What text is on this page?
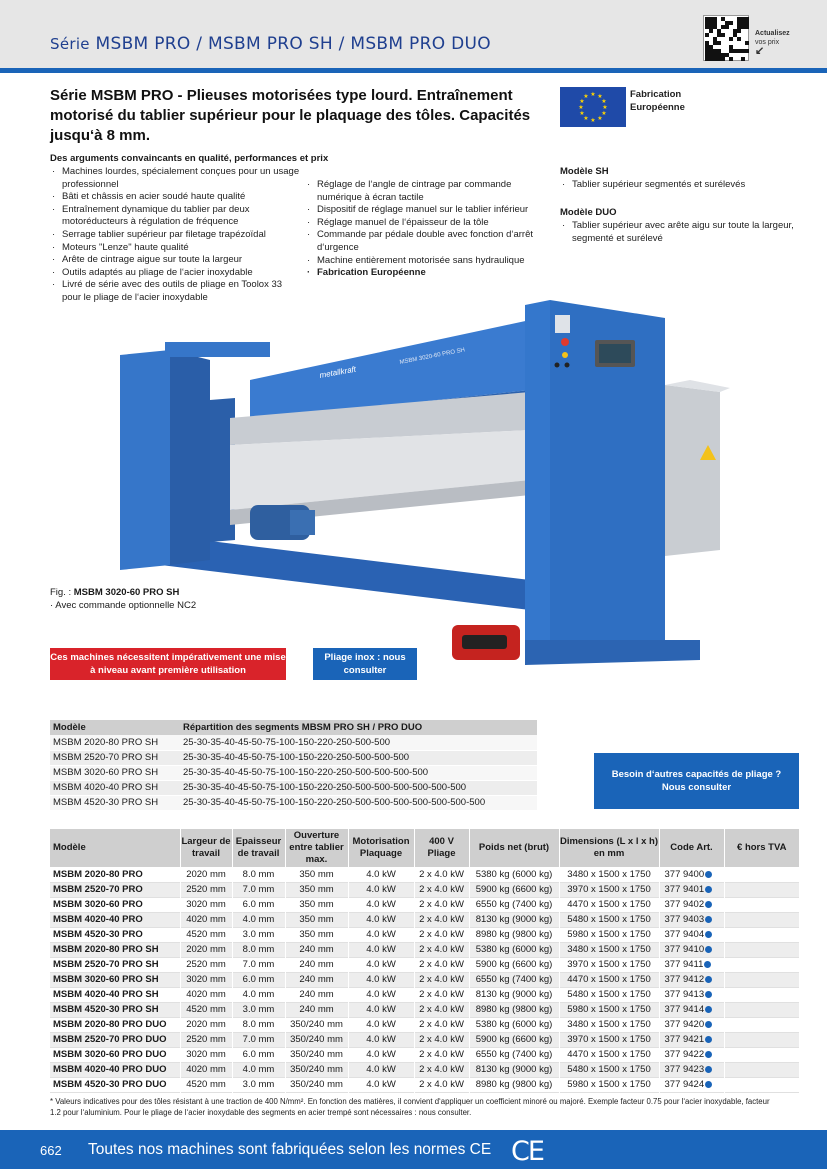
Série MSBM PRO / MSBM PRO SH / MSBM PRO DUO
Actualisez
vos prix
↙
Série MSBM PRO - Plieuses motorisées type lourd. Entraînement motorisé du tablier supérieur pour le plaquage des tôles. Capacités jusqu‘à 8 mm.
★ ★
★
★
★
★
★
★
★
★
★
★	Fabrication
Européenne
Des arguments convaincants en qualité, performances et prix
· Machines lourdes, spécialement conçues pour un usage professionnel
· Bâti et châssis en acier soudé haute qualité
· Entraînement dynamique du tablier par deux motoréducteurs à régulation de fréquence
· Serrage tablier supérieur par filetage trapézoïdal
· Moteurs "Lenze" haute qualité
· Arête de cintrage aigue sur toute la largeur
· Outils adaptés au pliage de l‘acier inoxydable
· Livré de série avec des outils de pliage en Toolox 33 pour le pliage de l‘acier inoxydable
· Réglage de l‘angle de cintrage par commande numérique à écran tactile
· Dispositif de réglage manuel sur le tablier inférieur
· Réglage manuel de l‘épaisseur de la tôle
· Commande par pédale double avec fonction d‘arrêt d‘urgence
· Machine entièrement motorisée sans hydraulique
· Fabrication Européenne
Modèle SH
· Tablier supérieur segmentés et surélevés
Modèle DUO
· Tablier supérieur avec arête aigu sur toute la largeur, segmenté et surélevé
metallkraft
MSBM 3020-60 PRO SH
Fig. : MSBM 3020-60 PRO SH
· Avec commande optionnelle NC2
Ces machines nécessitent impérativement une mise à niveau avant première utilisation
Pliage inox : nous consulter
Modèle	Répartition des segments MBSM PRO SH / PRO DUO
MSBM 2020-80 PRO SH	25-30-35-40-45-50-75-100-150-220-250-500-500
MSBM 2520-70 PRO SH	25-30-35-40-45-50-75-100-150-220-250-500-500-500
MSBM 3020-60 PRO SH	25-30-35-40-45-50-75-100-150-220-250-500-500-500-500
MSBM 4020-40 PRO SH	25-30-35-40-45-50-75-100-150-220-250-500-500-500-500-500-500
MSBM 4520-30 PRO SH	25-30-35-40-45-50-75-100-150-220-250-500-500-500-500-500-500-500
Besoin d‘autres capacités de pliage ?
Nous consulter
Modèle	Largeur de travail	Epaisseur de travail	Ouverture entre tablier max.	Motorisation Plaquage	400 V Pliage	Poids net (brut)	Dimensions (L x l x h) en mm	Code Art.	€ hors TVA
MSBM 2020-80 PRO	2020 mm	8.0 mm	350 mm	4.0 kW	2 x 4.0 kW	5380 kg (6000 kg)	3480 x 1500 x 1750	377 9400	
MSBM 2520-70 PRO	2520 mm	7.0 mm	350 mm	4.0 kW	2 x 4.0 kW	5900 kg (6600 kg)	3970 x 1500 x 1750	377 9401	
MSBM 3020-60 PRO	3020 mm	6.0 mm	350 mm	4.0 kW	2 x 4.0 kW	6550 kg (7400 kg)	4470 x 1500 x 1750	377 9402	
MSBM 4020-40 PRO	4020 mm	4.0 mm	350 mm	4.0 kW	2 x 4.0 kW	8130 kg (9000 kg)	5480 x 1500 x 1750	377 9403	
MSBM 4520-30 PRO	4520 mm	3.0 mm	350 mm	4.0 kW	2 x 4.0 kW	8980 kg (9800 kg)	5980 x 1500 x 1750	377 9404	
MSBM 2020-80 PRO SH	2020 mm	8.0 mm	240 mm	4.0 kW	2 x 4.0 kW	5380 kg (6000 kg)	3480 x 1500 x 1750	377 9410	
MSBM 2520-70 PRO SH	2520 mm	7.0 mm	240 mm	4.0 kW	2 x 4.0 kW	5900 kg (6600 kg)	3970 x 1500 x 1750	377 9411	
MSBM 3020-60 PRO SH	3020 mm	6.0 mm	240 mm	4.0 kW	2 x 4.0 kW	6550 kg (7400 kg)	4470 x 1500 x 1750	377 9412	
MSBM 4020-40 PRO SH	4020 mm	4.0 mm	240 mm	4.0 kW	2 x 4.0 kW	8130 kg (9000 kg)	5480 x 1500 x 1750	377 9413	
MSBM 4520-30 PRO SH	4520 mm	3.0 mm	240 mm	4.0 kW	2 x 4.0 kW	8980 kg (9800 kg)	5980 x 1500 x 1750	377 9414	
MSBM 2020-80 PRO DUO	2020 mm	8.0 mm	350/240 mm	4.0 kW	2 x 4.0 kW	5380 kg (6000 kg)	3480 x 1500 x 1750	377 9420	
MSBM 2520-70 PRO DUO	2520 mm	7.0 mm	350/240 mm	4.0 kW	2 x 4.0 kW	5900 kg (6600 kg)	3970 x 1500 x 1750	377 9421	
MSBM 3020-60 PRO DUO	3020 mm	6.0 mm	350/240 mm	4.0 kW	2 x 4.0 kW	6550 kg (7400 kg)	4470 x 1500 x 1750	377 9422	
MSBM 4020-40 PRO DUO	4020 mm	4.0 mm	350/240 mm	4.0 kW	2 x 4.0 kW	8130 kg (9000 kg)	5480 x 1500 x 1750	377 9423	
MSBM 4520-30 PRO DUO	4520 mm	3.0 mm	350/240 mm	4.0 kW	2 x 4.0 kW	8980 kg (9800 kg)	5980 x 1500 x 1750	377 9424	
* Valeurs indicatives pour des tôles résistant à une traction de 400 N/mm². En fonction des matières, il convient d‘appliquer un coefficient minoré ou majoré. Exemple facteur 0.75 pour l‘acier inoxydable, facteur 1.2 pour l‘aluminium. Pour le pliage de l‘acier inoxydable des segments en acier trempé sont nécessaires : nous consulter.
662 Toutes nos machines sont fabriquées selon les normes CE CE
